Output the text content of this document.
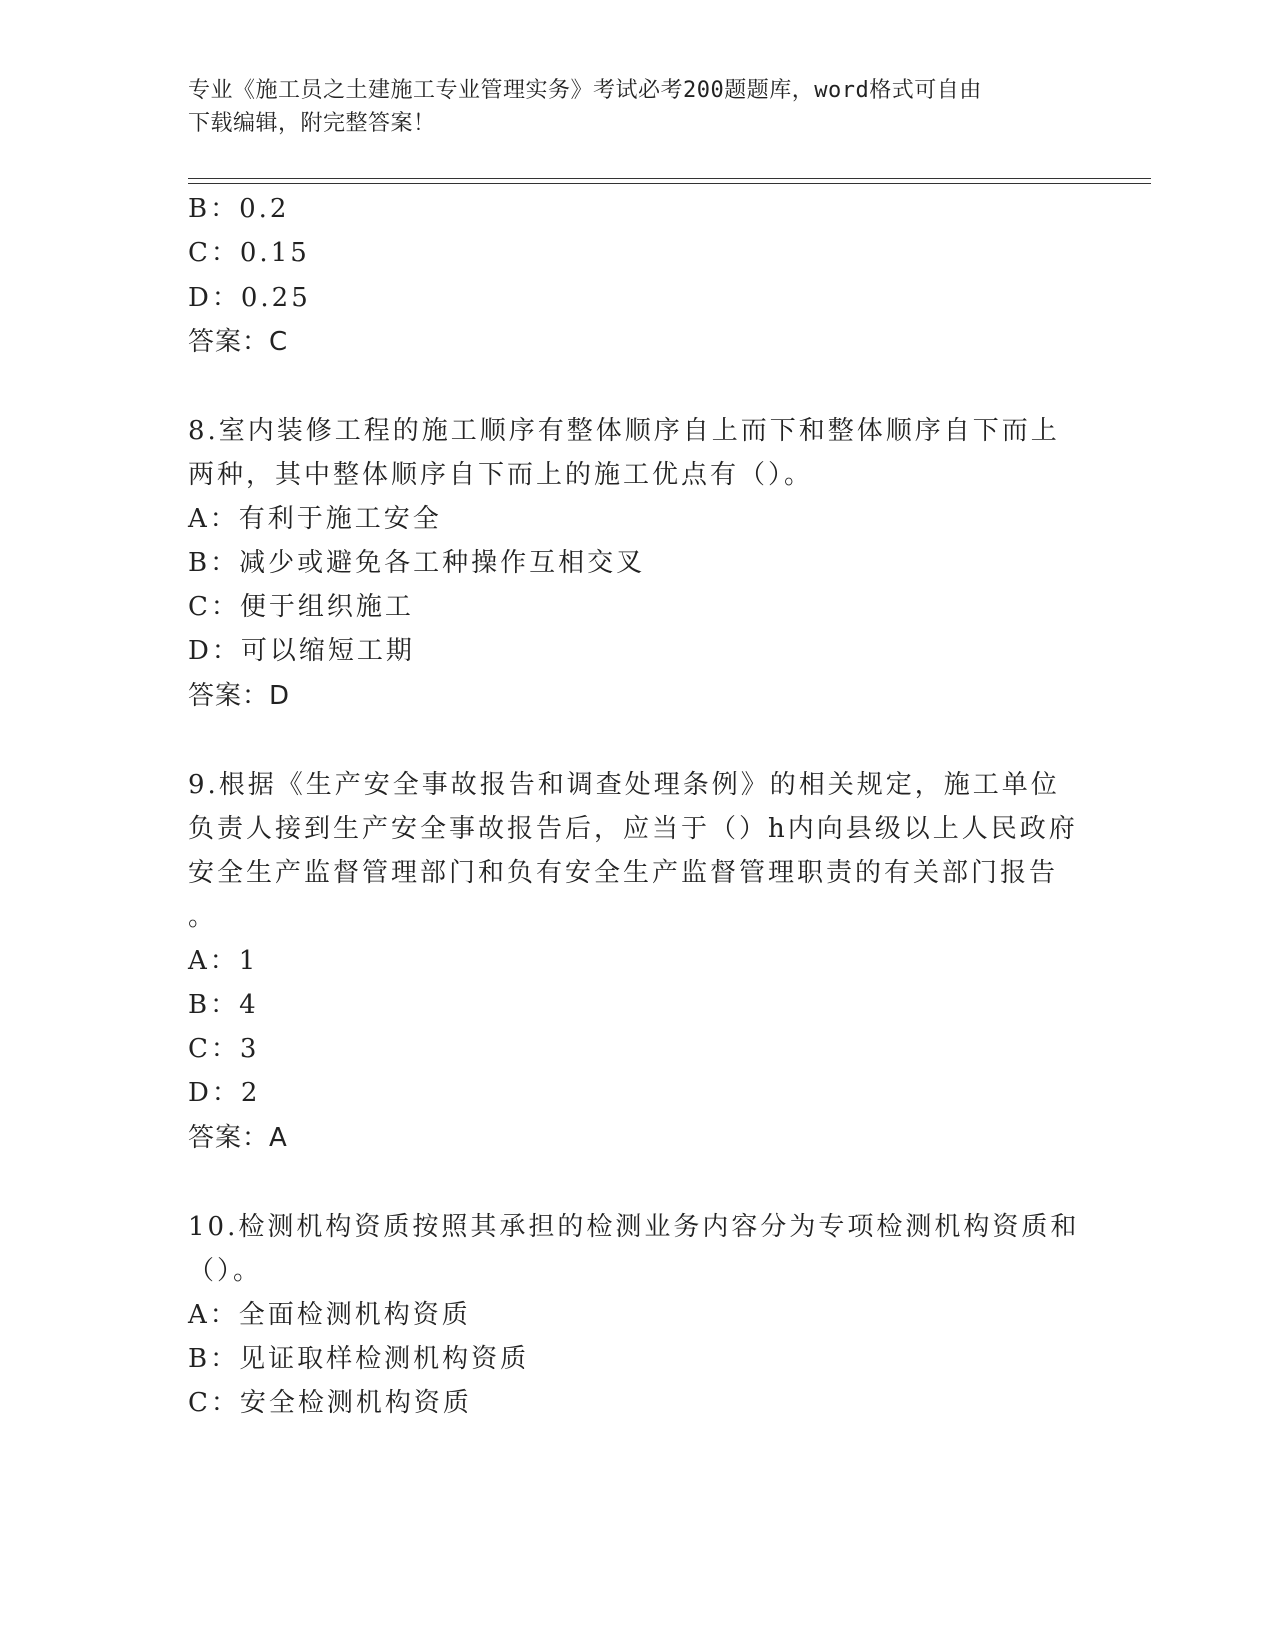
专业《施工员之土建施工专业管理实务》考试必考200题题库，word格式可自由
下载编辑，附完整答案！
B：0.2
C：0.15
D：0.25
答案：C
8.室内装修工程的施工顺序有整体顺序自上而下和整体顺序自下而上
两种，其中整体顺序自下而上的施工优点有（）。
A：有利于施工安全
B：减少或避免各工种操作互相交叉
C：便于组织施工
D：可以缩短工期
答案：D
9.根据《生产安全事故报告和调查处理条例》的相关规定，施工单位
负责人接到生产安全事故报告后，应当于（）h内向县级以上人民政府
安全生产监督管理部门和负有安全生产监督管理职责的有关部门报告
。
A：1
B：4
C：3
D：2
答案：A
10.检测机构资质按照其承担的检测业务内容分为专项检测机构资质和
（）。
A：全面检测机构资质
B：见证取样检测机构资质
C：安全检测机构资质
